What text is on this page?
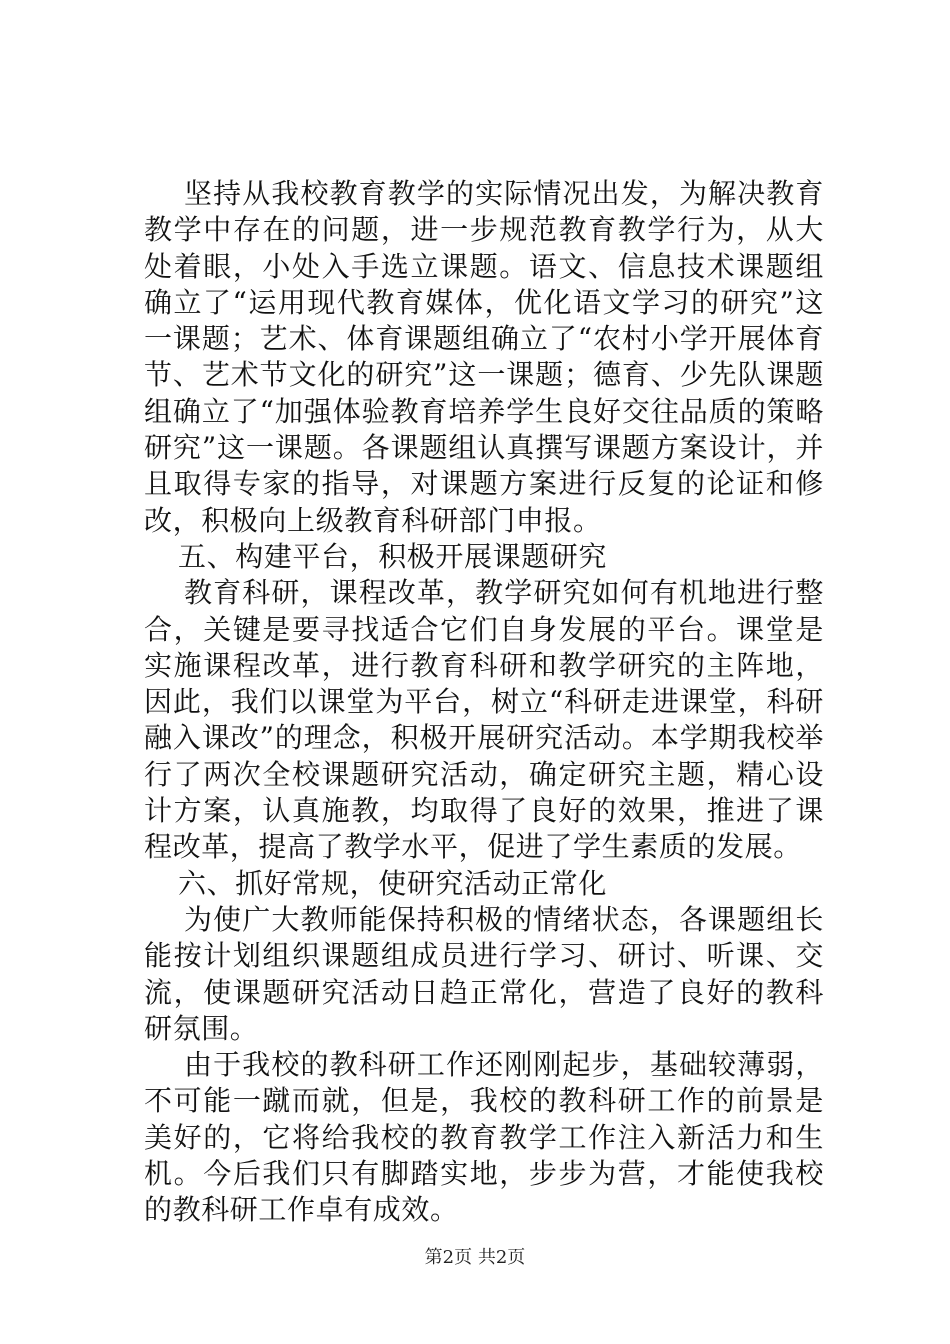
坚持从我校教育教学的实际情况出发，为解决教育教学中存在的问题，进一步规范教育教学行为，从大处着眼，小处入手选立课题。语文、信息技术课题组确立了“运用现代教育媒体，优化语文学习的研究”这一课题；艺术、体育课题组确立了“农村小学开展体育节、艺术节文化的研究”这一课题；德育、少先队课题组确立了“加强体验教育培养学生良好交往品质的策略研究”这一课题。各课题组认真撰写课题方案设计，并且取得专家的指导，对课题方案进行反复的论证和修改，积极向上级教育科研部门申报。

五、构建平台，积极开展课题研究

教育科研，课程改革，教学研究如何有机地进行整合，关键是要寻找适合它们自身发展的平台。课堂是实施课程改革，进行教育科研和教学研究的主阵地，因此，我们以课堂为平台，树立“科研走进课堂，科研融入课改”的理念，积极开展研究活动。本学期我校举行了两次全校课题研究活动，确定研究主题，精心设计方案，认真施教，均取得了良好的效果，推进了课程改革，提高了教学水平，促进了学生素质的发展。

六、抓好常规，使研究活动正常化

为使广大教师能保持积极的情绪状态，各课题组长能按计划组织课题组成员进行学习、研讨、听课、交流，使课题研究活动日趋正常化，营造了良好的教科研氛围。

由于我校的教科研工作还刚刚起步，基础较薄弱，不可能一蹴而就，但是，我校的教科研工作的前景是美好的，它将给我校的教育教学工作注入新活力和生机。今后我们只有脚踏实地，步步为营，才能使我校的教科研工作卓有成效。

第2页 共2页
